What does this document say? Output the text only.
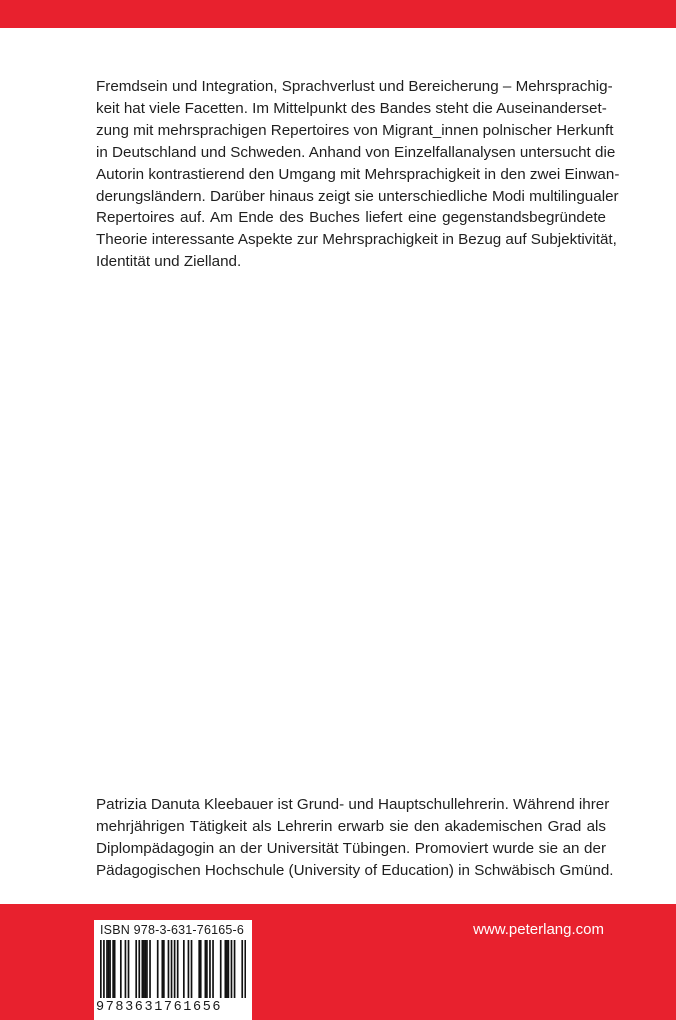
Fremdsein und Integration, Sprachverlust und Bereicherung – Mehrsprachig-
keit hat viele Facetten. Im Mittelpunkt des Bandes steht die Auseinanderset-
zung mit mehrsprachigen Repertoires von Migrant_innen polnischer Herkunft
in Deutschland und Schweden. Anhand von Einzelfallanalysen untersucht die
Autorin kontrastierend den Umgang mit Mehrsprachigkeit in den zwei Einwan-
derungsländern. Darüber hinaus zeigt sie unterschiedliche Modi multilingualer
Repertoires auf. Am Ende des Buches liefert eine gegenstandsbegründete
Theorie interessante Aspekte zur Mehrsprachigkeit in Bezug auf Subjektivität,
Identität und Zielland.
Patrizia Danuta Kleebauer ist Grund- und Hauptschullehrerin. Während ihrer
mehrjährigen Tätigkeit als Lehrerin erwarb sie den akademischen Grad als
Diplompädagogin an der Universität Tübingen. Promoviert wurde sie an der
Pädagogischen Hochschule (University of Education) in Schwäbisch Gmünd.
ISBN 978-3-631-76165-6
9783631761656
www.peterlang.com
